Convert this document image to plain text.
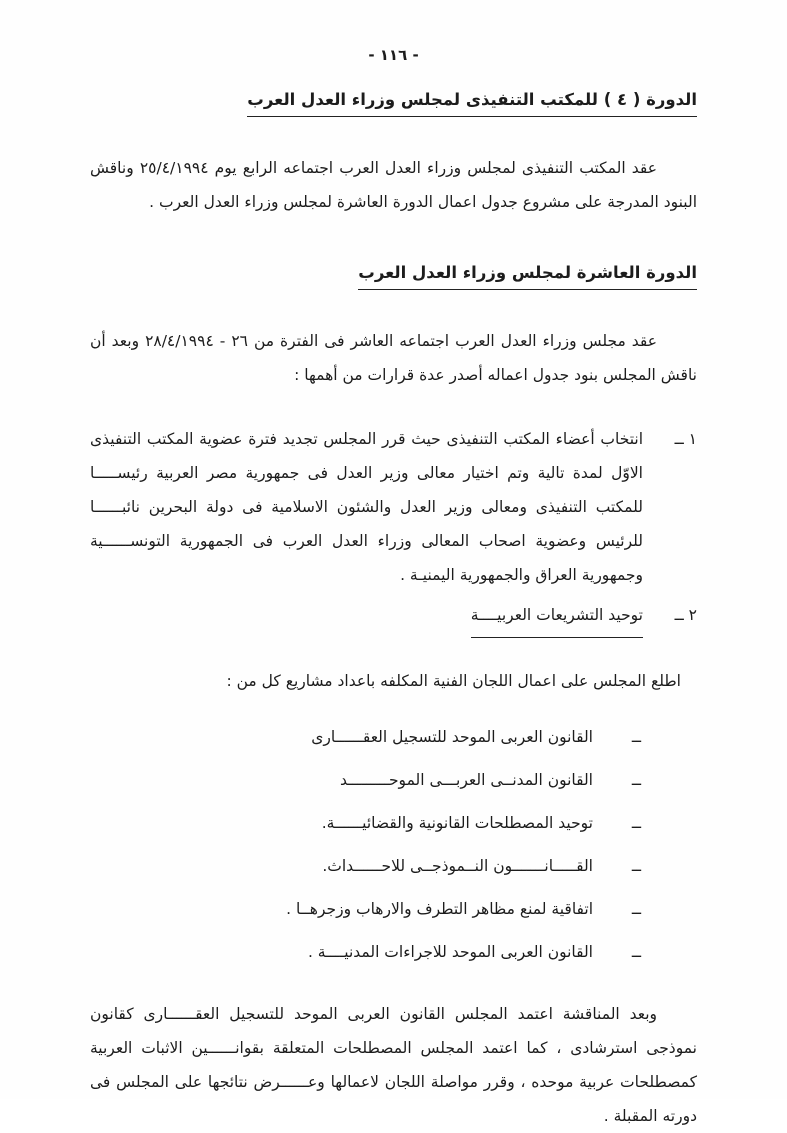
- ١١٦ -
الدورة ( ٤ ) للمكتب التنفيذى لمجلس وزراء العدل العرب

عقد المكتب التنفيذى لمجلس وزراء العدل العرب اجتماعه الرابع يوم ٢٥/٤/١٩٩٤ وناقش البنود المدرجة على مشروع جدول اعمال الدورة العاشرة لمجلس وزراء العدل العرب .

الدورة العاشرة لمجلس وزراء العدل العرب

عقد مجلس وزراء العدل العرب اجتماعه العاشر فى الفترة من ٢٦ - ٢٨/٤/١٩٩٤ وبعد أن ناقش المجلس بنود جدول اعماله أصدر عدة قرارات من أهمها :

١ ــ

انتخاب أعضاء المكتب التنفيذى حيث قرر المجلس تجديد فترة عضوية المكتب التنفيذى الاوّل لمدة تالية وتم اختيار معالى وزير العدل فى جمهورية مصر العربية رئيســـــا للمكتب التنفيذى ومعالى وزير العدل والشئون الاسلامية فى دولة البحرين نائبــــــا للرئيس وعضوية اصحاب المعالى وزراء العدل العرب فى الجمهورية التونســــــية وجمهورية العراق والجمهورية اليمنيـة .

٢ ــ

توحيد التشريعات العربيــــة

اطلع المجلس على اعمال اللجان الفنية المكلفه باعداد مشاريع كل من :

ــ
القانون العربى الموحد للتسجيل العقــــــارى
ــ
القانون المدنــى العربـــى الموحـــــــــد
ــ
توحيد المصطلحات القانونية والقضائيــــــة.
ــ
القـــــانـــــــون النــموذجــى للاحــــــداث.
ــ
اتفاقية لمنع مظاهر التطرف والارهاب وزجرهــا .
ــ
القانون العربى الموحد للاجراءات المدنيــــة .

وبعد المناقشة اعتمد المجلس القانون العربى الموحد للتسجيل العقــــــارى كقانون نموذجى استرشادى ، كما اعتمد المجلس المصطلحات المتعلقة بقوانــــــين الاثبات العربية كمصطلحات عربية موحده ، وقرر مواصلة اللجان لاعمالها وعــــــرض نتائجها على المجلس فى دورته المقبلة .
